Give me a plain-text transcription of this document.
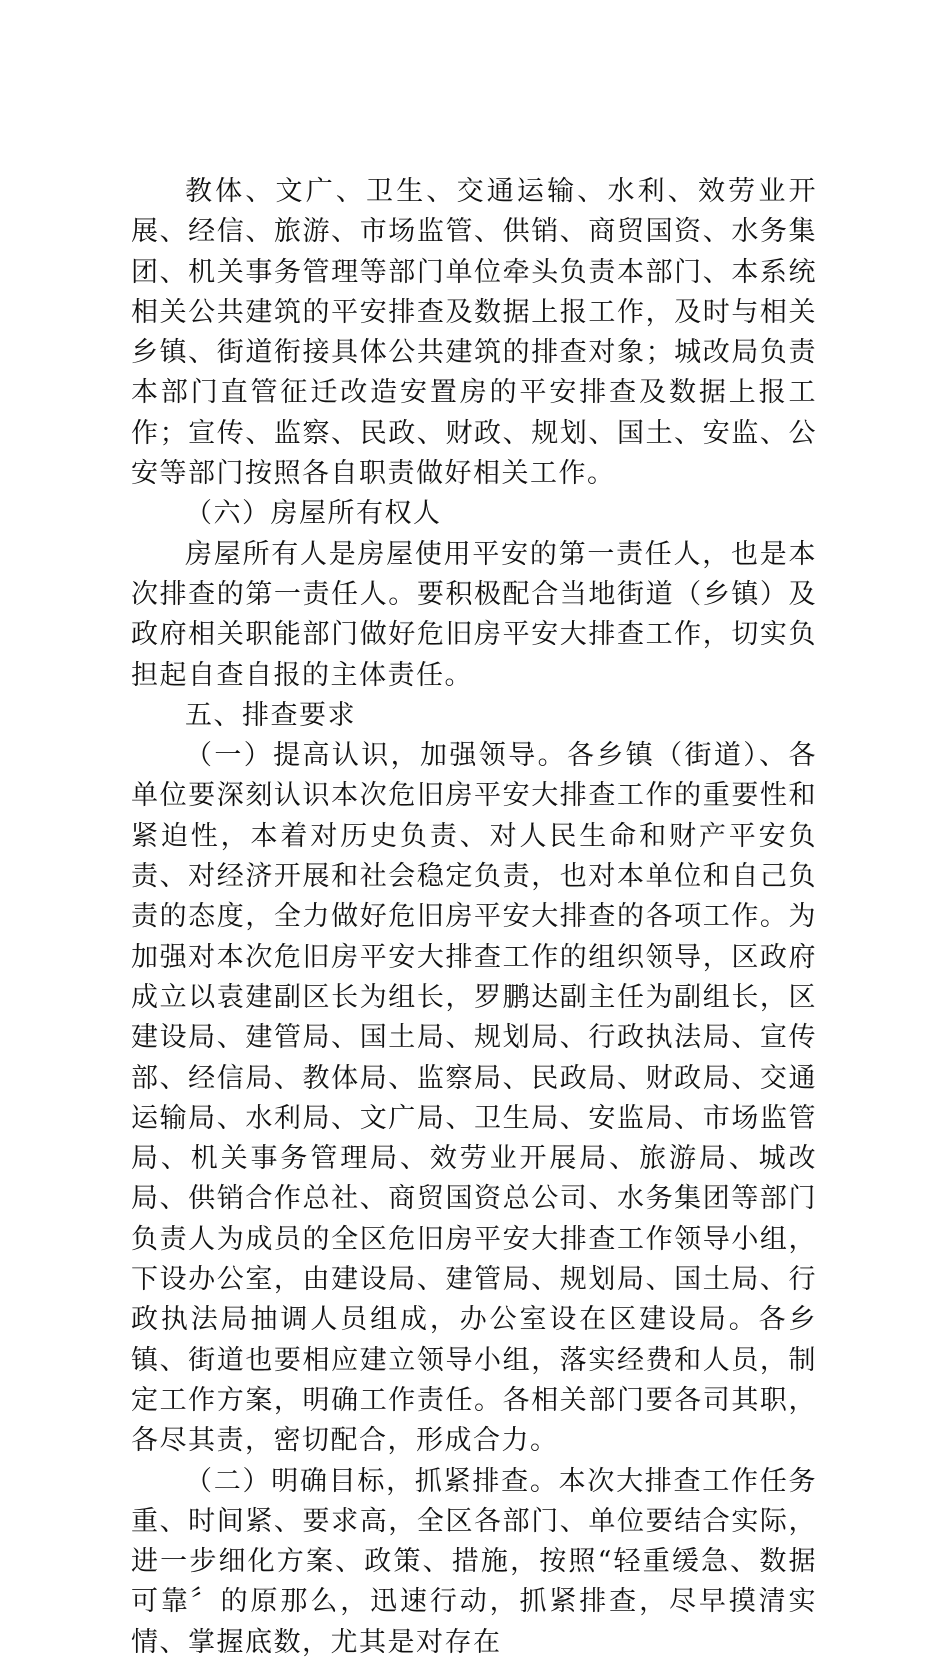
教体、文广、卫生、交通运输、水利、效劳业开展、经信、旅游、市场监管、供销、商贸国资、水务集团、机关事务管理等部门单位牵头负责本部门、本系统相关公共建筑的平安排查及数据上报工作，及时与相关乡镇、街道衔接具体公共建筑的排查对象；城改局负责本部门直管征迁改造安置房的平安排查及数据上报工作；宣传、监察、民政、财政、规划、国土、安监、公安等部门按照各自职责做好相关工作。

（六）房屋所有权人

房屋所有人是房屋使用平安的第一责任人，也是本次排查的第一责任人。要积极配合当地街道（乡镇）及政府相关职能部门做好危旧房平安大排查工作，切实负担起自查自报的主体责任。

五、排查要求

（一）提高认识，加强领导。各乡镇（街道）、各单位要深刻认识本次危旧房平安大排查工作的重要性和紧迫性，本着对历史负责、对人民生命和财产平安负责、对经济开展和社会稳定负责，也对本单位和自己负责的态度，全力做好危旧房平安大排查的各项工作。为加强对本次危旧房平安大排查工作的组织领导，区政府成立以袁建副区长为组长，罗鹏达副主任为副组长，区建设局、建管局、国土局、规划局、行政执法局、宣传部、经信局、教体局、监察局、民政局、财政局、交通运输局、水利局、文广局、卫生局、安监局、市场监管局、机关事务管理局、效劳业开展局、旅游局、城改局、供销合作总社、商贸国资总公司、水务集团等部门负责人为成员的全区危旧房平安大排查工作领导小组，下设办公室，由建设局、建管局、规划局、国土局、行政执法局抽调人员组成，办公室设在区建设局。各乡镇、街道也要相应建立领导小组，落实经费和人员，制定工作方案，明确工作责任。各相关部门要各司其职，各尽其责，密切配合，形成合力。

（二）明确目标，抓紧排查。本次大排查工作任务重、时间紧、要求高，全区各部门、单位要结合实际，进一步细化方案、政策、措施，按照“轻重缓急、数据可靠〞的原那么，迅速行动，抓紧排查，尽早摸清实情、掌握底数，尤其是对存在
